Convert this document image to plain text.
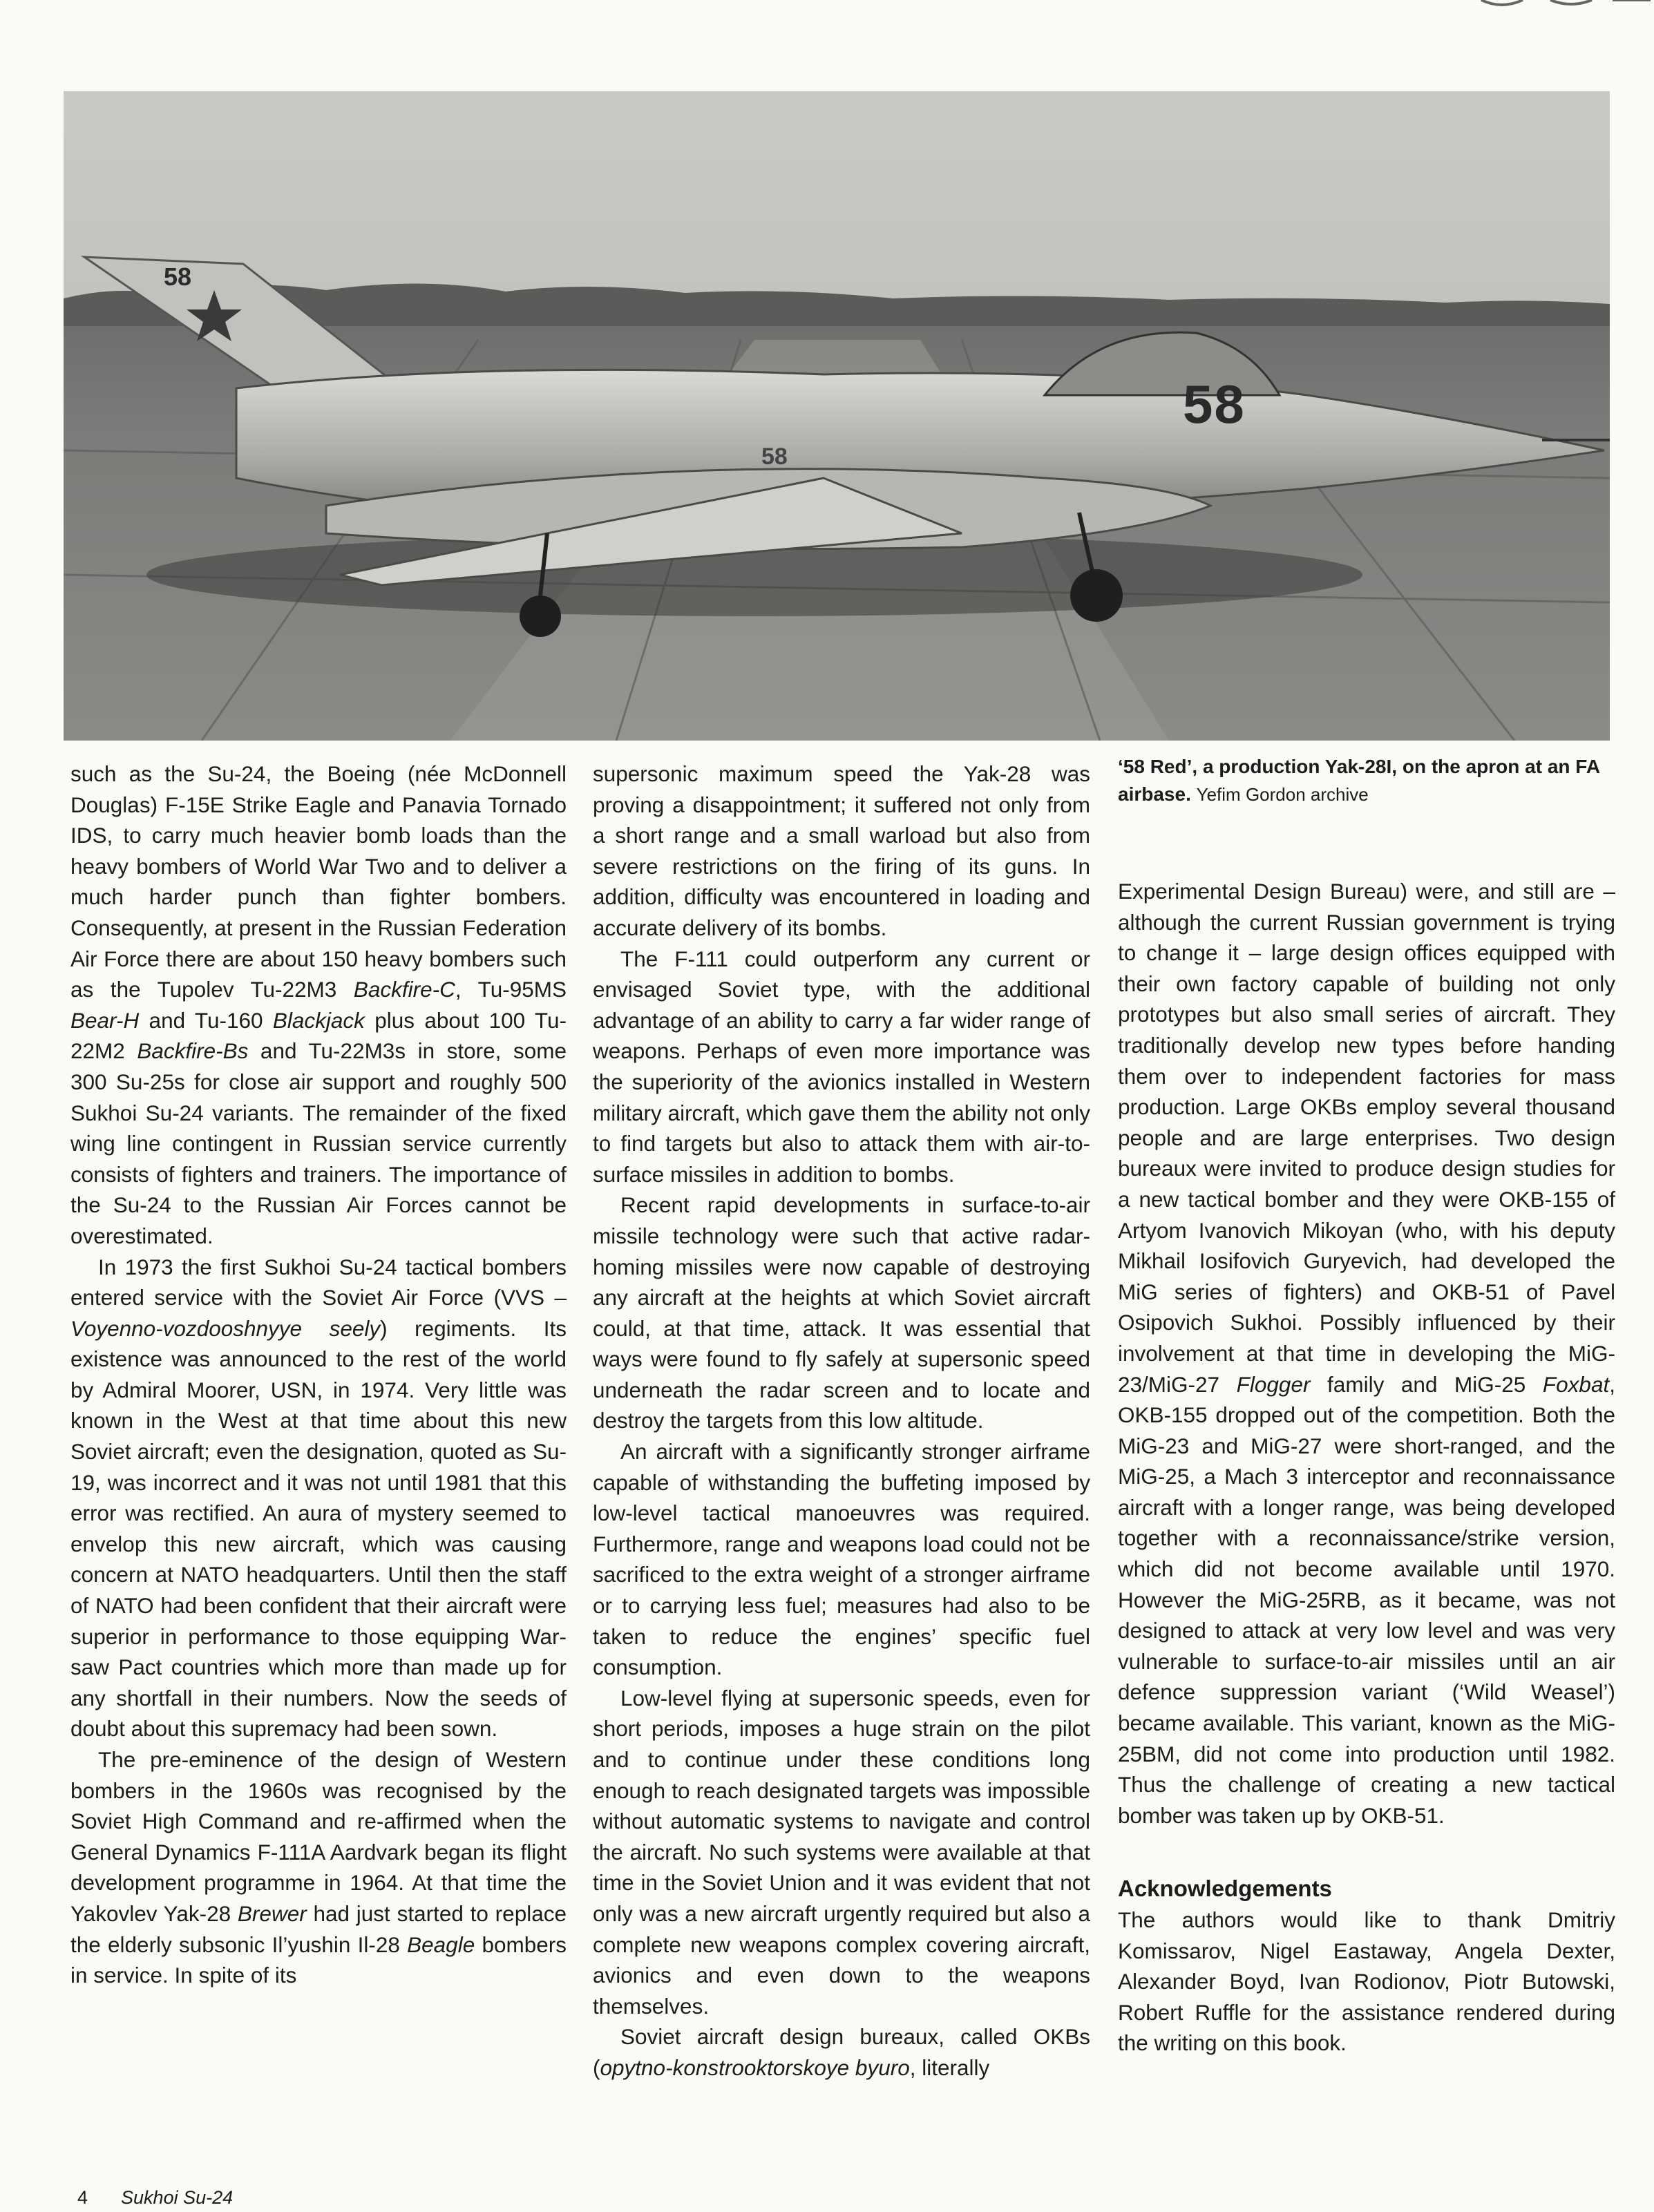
58
58
58
‘58 Red’, a production Yak-28I, on the apron at an FA airbase. Yefim Gordon archive

such as the Su-24, the Boeing (née McDonnell Douglas) F-15E Strike Eagle and Panavia Tornado IDS, to carry much heavier bomb loads than the heavy bombers of World War Two and to deliver a much harder punch than fighter bombers. Consequently, at present in the Russian Federation Air Force there are about 150 heavy bombers such as the Tupolev Tu-22M3 Backfire-C, Tu-95MS Bear-H and Tu-160 Blackjack plus about 100 Tu-22M2 Backfire-Bs and Tu-22M3s in store, some 300 Su-25s for close air support and roughly 500 Sukhoi Su-24 variants. The remainder of the fixed wing line contingent in Russian service currently consists of fighters and trainers. The importance of the Su-24 to the Russian Air Forces cannot be overestimated.

In 1973 the first Sukhoi Su-24 tactical bombers entered service with the Soviet Air Force (VVS – Voyenno-vozdooshnyye seely) regiments. Its existence was announced to the rest of the world by Admiral Moorer, USN, in 1974. Very little was known in the West at that time about this new Soviet aircraft; even the designation, quoted as Su-19, was incorrect and it was not until 1981 that this error was rectified. An aura of mystery seemed to envelop this new aircraft, which was causing concern at NATO headquarters. Until then the staff of NATO had been confident that their aircraft were superior in performance to those equipping Warsaw Pact countries which more than made up for any shortfall in their numbers. Now the seeds of doubt about this supremacy had been sown.

The pre-eminence of the design of Western bombers in the 1960s was recognised by the Soviet High Command and re-affirmed when the General Dynamics F-111A Aardvark began its flight development programme in 1964. At that time the Yakovlev Yak-28 Brewer had just started to replace the elderly subsonic Il’yushin Il-28 Beagle bombers in service. In spite of its

supersonic maximum speed the Yak-28 was proving a disappointment; it suffered not only from a short range and a small warload but also from severe restrictions on the firing of its guns. In addition, difficulty was encountered in loading and accurate delivery of its bombs.

The F-111 could outperform any current or envisaged Soviet type, with the additional advantage of an ability to carry a far wider range of weapons. Perhaps of even more importance was the superiority of the avionics installed in Western military aircraft, which gave them the ability not only to find targets but also to attack them with air-to-surface missiles in addition to bombs.

Recent rapid developments in surface-to-air missile technology were such that active radar-homing missiles were now capable of destroying any aircraft at the heights at which Soviet aircraft could, at that time, attack. It was essential that ways were found to fly safely at supersonic speed underneath the radar screen and to locate and destroy the targets from this low altitude.

An aircraft with a significantly stronger airframe capable of withstanding the buffeting imposed by low-level tactical manoeuvres was required. Furthermore, range and weapons load could not be sacrificed to the extra weight of a stronger airframe or to carrying less fuel; measures had also to be taken to reduce the engines’ specific fuel consumption.

Low-level flying at supersonic speeds, even for short periods, imposes a huge strain on the pilot and to continue under these conditions long enough to reach designated targets was impossible without automatic systems to navigate and control the aircraft. No such systems were available at that time in the Soviet Union and it was evident that not only was a new aircraft urgently required but also a complete new weapons complex covering aircraft, avionics and even down to the weapons themselves.

Soviet aircraft design bureaux, called OKBs (opytno-konstrooktorskoye byuro, literally

Experimental Design Bureau) were, and still are – although the current Russian government is trying to change it – large design offices equipped with their own factory capable of building not only prototypes but also small series of aircraft. They traditionally develop new types before handing them over to independent factories for mass production. Large OKBs employ several thousand people and are large enterprises. Two design bureaux were invited to produce design studies for a new tactical bomber and they were OKB-155 of Artyom Ivanovich Mikoyan (who, with his deputy Mikhail Iosifovich Guryevich, had developed the MiG series of fighters) and OKB-51 of Pavel Osipovich Sukhoi. Possibly influenced by their involvement at that time in developing the MiG-23/MiG-27 Flogger family and MiG-25 Foxbat, OKB-155 dropped out of the competition. Both the MiG-23 and MiG-27 were short-ranged, and the MiG-25, a Mach 3 interceptor and reconnaissance aircraft with a longer range, was being developed together with a reconnaissance/strike version, which did not become available until 1970. However the MiG-25RB, as it became, was not designed to attack at very low level and was very vulnerable to surface-to-air missiles until an air defence suppression variant (‘Wild Weasel’) became available. This variant, known as the MiG-25BM, did not come into production until 1982. Thus the challenge of creating a new tactical bomber was taken up by OKB-51.

Acknowledgements

The authors would like to thank Dmitriy Komissarov, Nigel Eastaway, Angela Dexter, Alexander Boyd, Ivan Rodionov, Piotr Butowski, Robert Ruffle for the assistance rendered during the writing on this book.

4 Sukhoi Su-24
